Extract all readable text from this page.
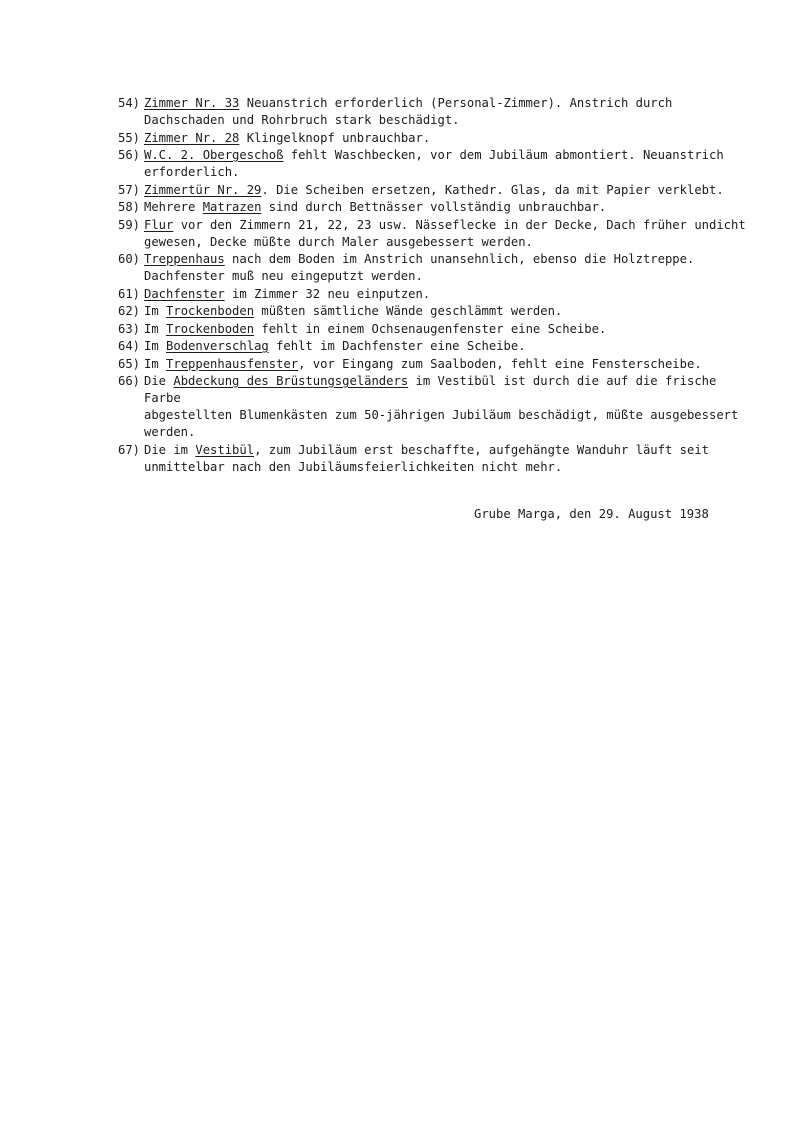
54) Zimmer Nr. 33 Neuanstrich erforderlich (Personal-Zimmer). Anstrich durch
Dachschaden und Rohrbruch stark beschädigt.
55) Zimmer Nr. 28 Klingelknopf unbrauchbar.
56) W.C. 2. Obergeschoß fehlt Waschbecken, vor dem Jubiläum abmontiert. Neuanstrich
erforderlich.
57) Zimmertür Nr. 29. Die Scheiben ersetzen, Kathedr. Glas, da mit Papier verklebt.
58) Mehrere Matrazen sind durch Bettnässer vollständig unbrauchbar.
59) Flur vor den Zimmern 21, 22, 23 usw. Nässeflecke in der Decke, Dach früher undicht
gewesen, Decke müßte durch Maler ausgebessert werden.
60) Treppenhaus nach dem Boden im Anstrich unansehnlich, ebenso die Holztreppe.
Dachfenster muß neu eingeputzt werden.
61) Dachfenster im Zimmer 32 neu einputzen.
62) Im Trockenboden müßten sämtliche Wände geschlämmt werden.
63) Im Trockenboden fehlt in einem Ochsenaugenfenster eine Scheibe.
64) Im Bodenverschlag fehlt im Dachfenster eine Scheibe.
65) Im Treppenhausfenster, vor Eingang zum Saalboden, fehlt eine Fensterscheibe.
66) Die Abdeckung des Brüstungsgeländers im Vestibül ist durch die auf die frische Farbe
abgestellten Blumenkästen zum 50-jährigen Jubiläum beschädigt, müßte ausgebessert
werden.
67) Die im Vestibül, zum Jubiläum erst beschaffte, aufgehängte Wanduhr läuft seit
unmittelbar nach den Jubiläumsfeierlichkeiten nicht mehr.
Grube Marga, den 29. August 1938
